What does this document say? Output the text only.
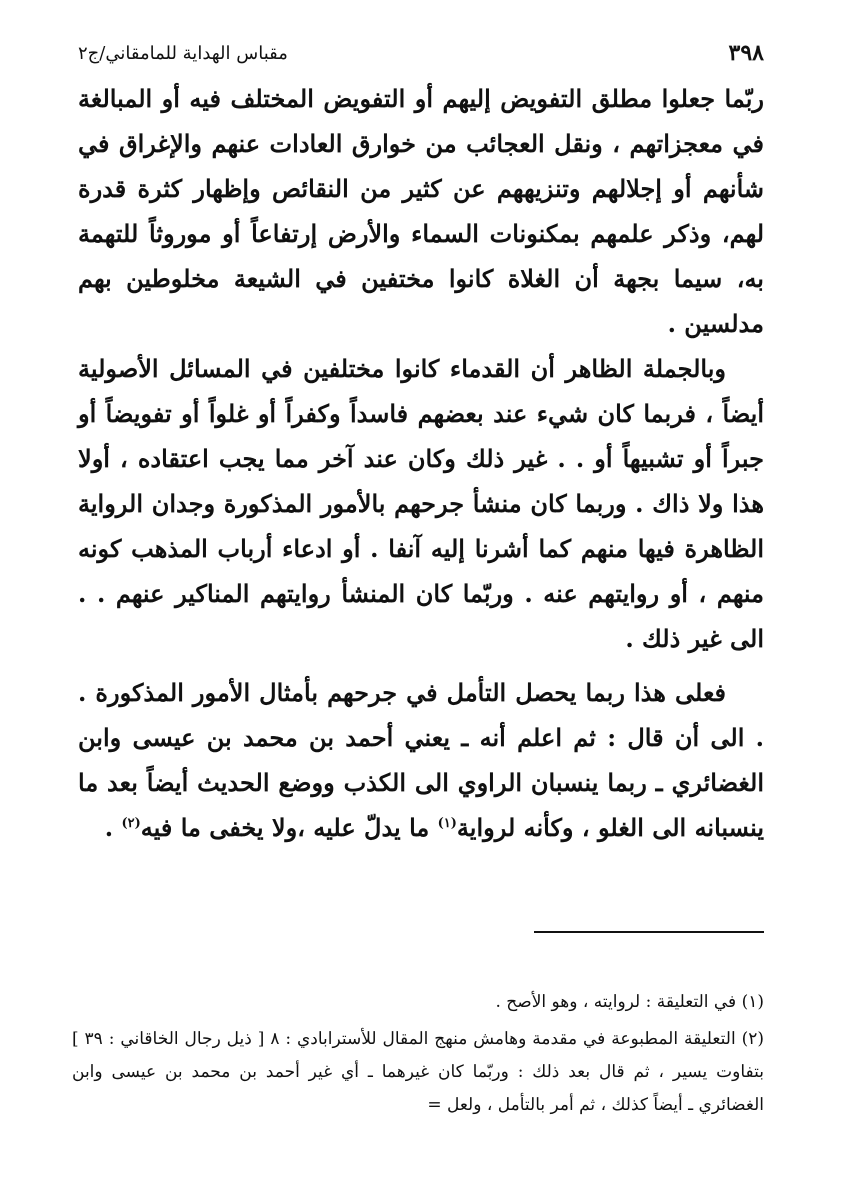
٣٩٨
مقباس الهداية للمامقاني/ج٢

ربّما جعلوا مطلق التفويض إليهم أو التفويض المختلف فيه أو المبالغة في معجزاتهم ، ونقل العجائب من خوارق العادات عنهم والإغراق في شأنهم أو إجلالهم وتنزيههم عن كثير من النقائص وإظهار كثرة قدرة لهم، وذكر علمهم بمكنونات السماء والأرض إرتفاعاً أو موروثاً للتهمة به، سيما بجهة أن الغلاة كانوا مختفين في الشيعة مخلوطين بهم مدلسين .

وبالجملة الظاهر أن القدماء كانوا مختلفين في المسائل الأصولية أيضاً ، فربما كان شيء عند بعضهم فاسداً وكفراً أو غلواً أو تفويضاً أو جبراً أو تشبيهاً أو . . غير ذلك وكان عند آخر مما يجب اعتقاده ، أولا هذا ولا ذاك . وربما كان منشأ جرحهم بالأمور المذكورة وجدان الرواية الظاهرة فيها منهم كما أشرنا إليه آنفا . أو ادعاء أرباب المذهب كونه منهم ، أو روايتهم عنه . وربّما كان المنشأ روايتهم المناكير عنهم . . الى غير ذلك .

فعلى هذا ربما يحصل التأمل في جرحهم بأمثال الأمور المذكورة . . الى أن قال : ثم اعلم أنه ـ يعني أحمد بن محمد بن عيسى وابن الغضائري ـ ربما ينسبان الراوي الى الكذب ووضع الحديث أيضاً بعد ما ينسبانه الى الغلو ، وكأنه لرواية$^{(١)}$ ما يدلّ عليه ،ولا يخفى ما فيه$^{(٢)}$ .

(١) في التعليقة : لروايته ، وهو الأصح .

(٢) التعليقة المطبوعة في مقدمة وهامش منهج المقال للأسترابادي : ٨ [ ذيل رجال الخاقاني : ٣٩ ] بتفاوت يسير ، ثم قال بعد ذلك : وربّما كان غيرهما ـ أي غير أحمد بن محمد بن عيسى وابن الغضائري ـ أيضاً كذلك ، ثم أمر بالتأمل ، ولعل =
